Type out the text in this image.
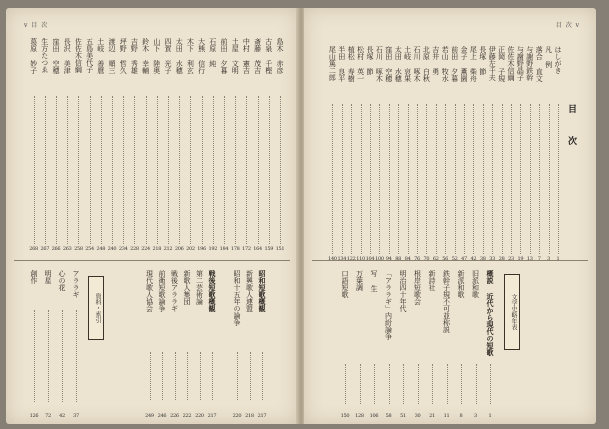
v 目 次
島木 赤彦
151
古泉 千樫
159
斎藤 茂吉
164
中村 憲吉
172
土屋 文明
178
前田 夕暮
184
石原 純
192
大熊 信行
196
木下 利玄
202
太田 水穂
206
四賀 光子
212
山下 陸奥
218
鈴木 幸輔
224
吉野 秀雄
228
坪野 哲久
234
渡辺 順三
240
土岐 善麿
248
五島美代子
254
佐佐木信綱
258
長沢 美津
263
窪田 空穂
266
生方たつゑ
267
葛原 妙子
268
昭和短歌概観
217
新興歌人連盟
218
昭和十五年の論争
220
戦後短歌概観
217
第二芸術論
220
新歌人集団
222
戦後アララギ
226
前衛短歌論争
246
現代歌人協会
249
資料・索引
アララギ
37
心の花
42
明星
72
創作
126
目 次 v
目 次
はしがき
1
凡 例
3
落合 直文
7
与謝野鉄幹
13
与謝野晶子
19
佐佐木信綱
23
正岡 子規
28
伊藤左千夫
33
長塚 節
38
尾上 柴舟
42
金子 薫園
47
前田 夕暮
52
若山 牧水
56
吉井 勇
62
北原 白秋
70
石川 啄木
76
土岐 哀果
84
太田 水穂
88
窪田 空穂
94
石川 啄木
100
長塚 節
104
松村 英一
110
植松 寿樹
122
半田 良平
134
尾山篤二郎
140
文学史略年表
概説 近代から現代の短歌
1
旧派和歌
3
新派和歌
8
鉄幹子規不可並称説
11
新詩社
21
根岸短歌会
30
明治四十年代
51
「アララギ」内紛論争
58
写 生
106
万葉調
128
口語短歌
150
